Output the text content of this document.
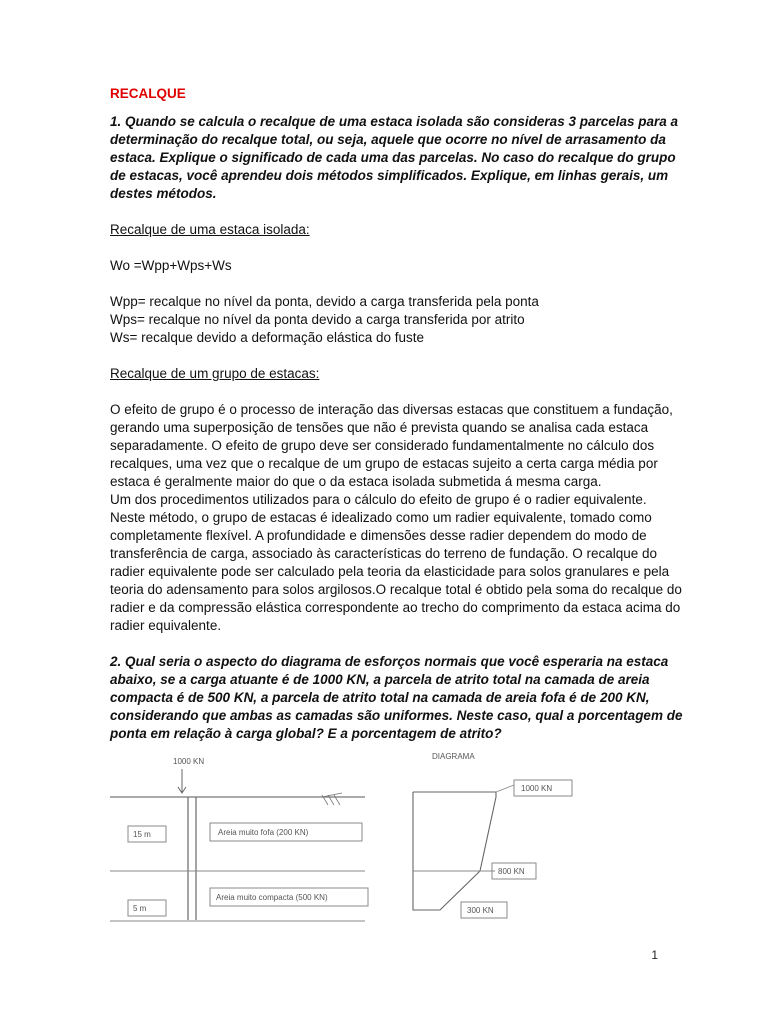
RECALQUE

1. Quando se calcula o recalque de uma estaca isolada são consideras 3 parcelas para a

determinação do recalque total, ou seja, aquele que ocorre no nível de arrasamento da

estaca. Explique o significado de cada uma das parcelas. No caso do recalque do grupo

de estacas, você aprendeu dois métodos simplificados. Explique, em linhas gerais, um

destes métodos.

Recalque de uma estaca isolada:

Wo =Wpp+Wps+Ws

Wpp= recalque no nível da ponta, devido a carga transferida pela ponta

Wps= recalque no nível da ponta devido a carga transferida por atrito

Ws= recalque devido a deformação elástica do fuste

Recalque de um grupo de estacas:

O efeito de grupo é o processo de interação das diversas estacas que constituem a fundação,

gerando uma superposição de tensões que não é prevista quando se analisa cada estaca

separadamente. O efeito de grupo deve ser considerado fundamentalmente no cálculo dos

recalques, uma vez que o recalque de um grupo de estacas sujeito a certa carga média por

estaca é geralmente maior do que o da estaca isolada submetida á mesma carga.

Um dos procedimentos utilizados para o cálculo do efeito de grupo é o radier equivalente.

Neste método, o grupo de estacas é idealizado como um radier equivalente, tomado como

completamente flexível. A profundidade e dimensões desse radier dependem do modo de

transferência de carga, associado às características do terreno de fundação. O recalque do

radier equivalente pode ser calculado pela teoria da elasticidade para solos granulares e pela

teoria do adensamento para solos argilosos.O recalque total é obtido pela soma do recalque do

radier e da compressão elástica correspondente ao trecho do comprimento da estaca acima do

radier equivalente.

2. Qual seria o aspecto do diagrama de esforços normais que você esperaria na estaca

abaixo, se a carga atuante é de 1000 KN, a parcela de atrito total na camada de areia

compacta é de 500 KN, a parcela de atrito total na camada de areia fofa é de 200 KN,

considerando que ambas as camadas são uniformes. Neste caso, qual a porcentagem de

ponta em relação à carga global? E a porcentagem de atrito?

1000 KN
15 m	Areia muito fofa (200 KN)
5 m
Areia muito compacta (500 KN)
DIAGRAMA
1000 KN
800 KN
300 KN
1
